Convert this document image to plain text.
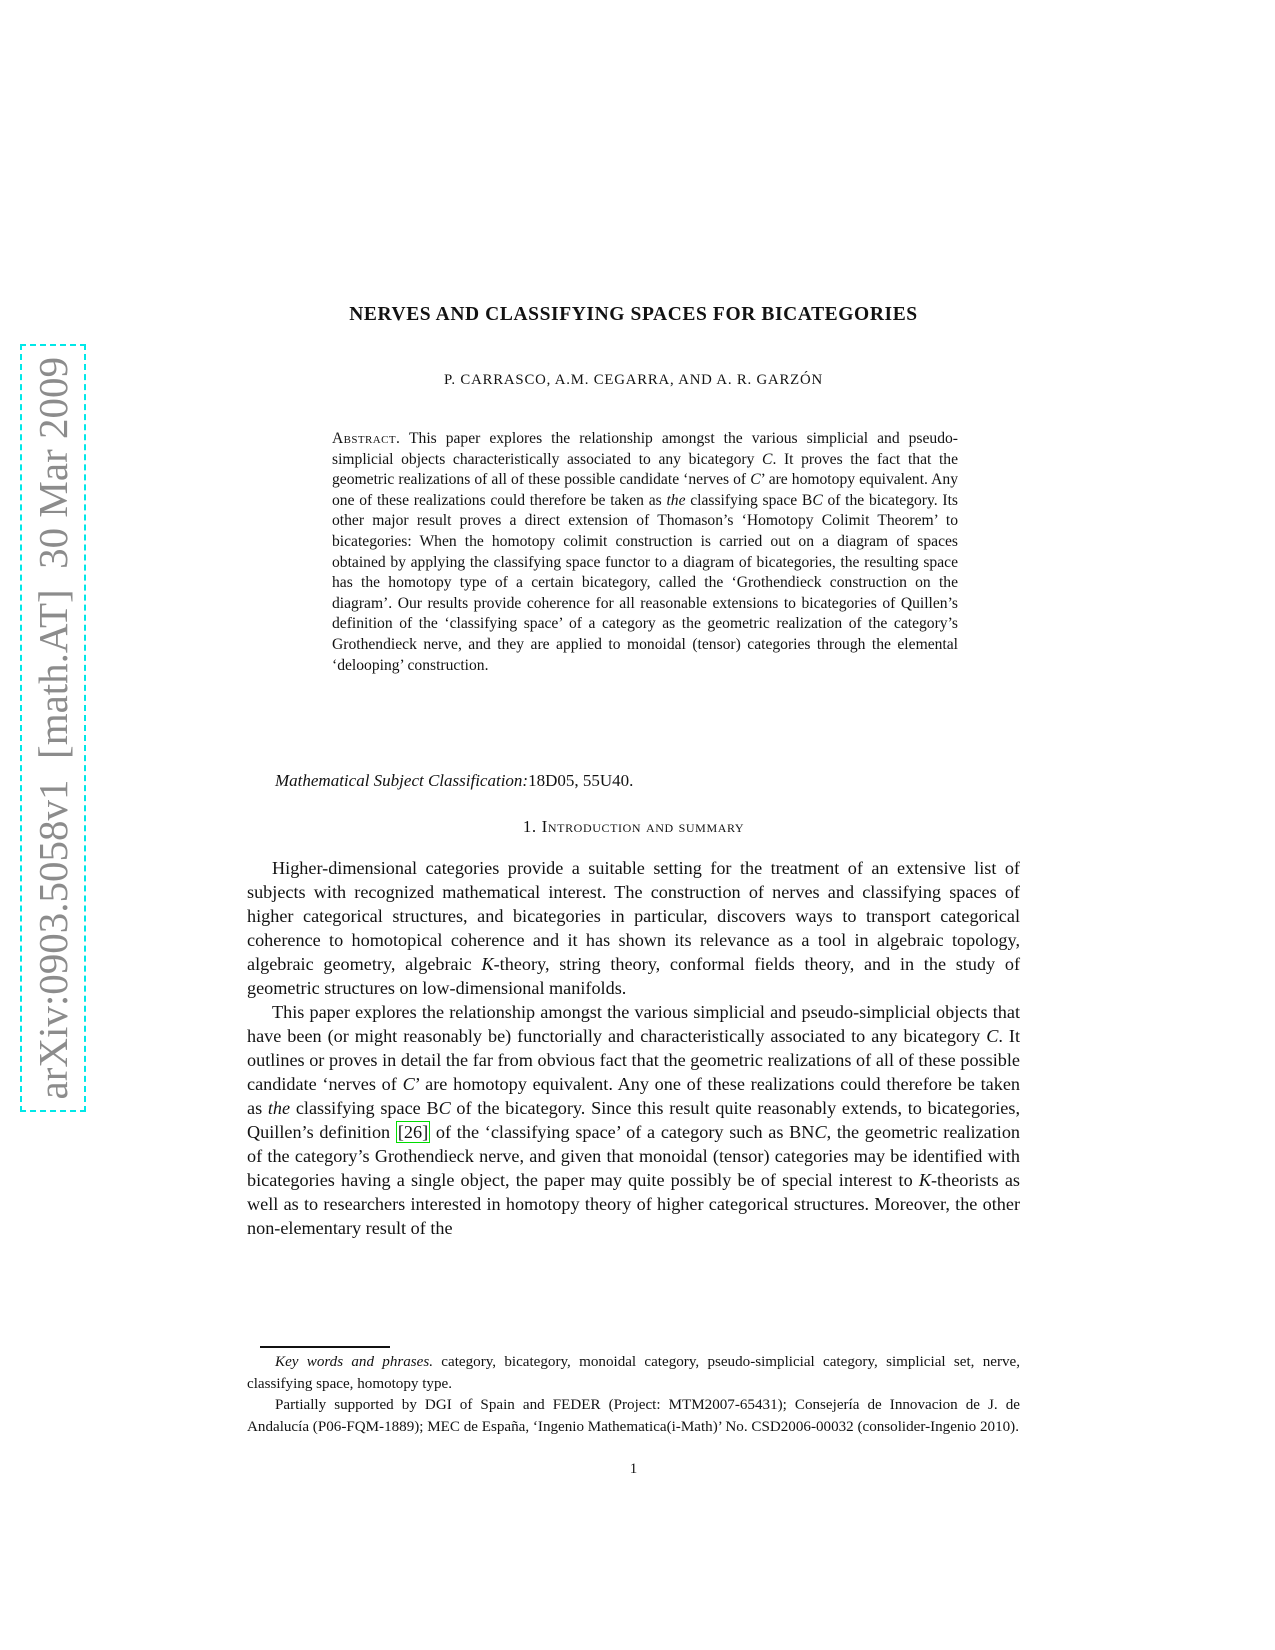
arXiv:0903.5058v1  [math.AT]  30 Mar 2009
NERVES AND CLASSIFYING SPACES FOR BICATEGORIES
P. CARRASCO, A.M. CEGARRA, AND A. R. GARZÓN
Abstract. This paper explores the relationship amongst the various simplicial and pseudo-simplicial objects characteristically associated to any bicategory C. It proves the fact that the geometric realizations of all of these possible candidate ‘nerves of C’ are homotopy equivalent. Any one of these realizations could therefore be taken as the classifying space BC of the bicategory. Its other major result proves a direct extension of Thomason’s ‘Homotopy Colimit Theorem’ to bicategories: When the homotopy colimit construction is carried out on a diagram of spaces obtained by applying the classifying space functor to a diagram of bicategories, the resulting space has the homotopy type of a certain bicategory, called the ‘Grothendieck construction on the diagram’. Our results provide coherence for all reasonable extensions to bicategories of Quillen’s definition of the ‘classifying space’ of a category as the geometric realization of the category’s Grothendieck nerve, and they are applied to monoidal (tensor) categories through the elemental ‘delooping’ construction.
Mathematical Subject Classification:18D05, 55U40.
1. Introduction and summary

Higher-dimensional categories provide a suitable setting for the treatment of an extensive list of subjects with recognized mathematical interest. The construction of nerves and classifying spaces of higher categorical structures, and bicategories in particular, discovers ways to transport categorical coherence to homotopical coherence and it has shown its relevance as a tool in algebraic topology, algebraic geometry, algebraic K-theory, string theory, conformal fields theory, and in the study of geometric structures on low-dimensional manifolds.

This paper explores the relationship amongst the various simplicial and pseudo-simplicial objects that have been (or might reasonably be) functorially and characteristically associated to any bicategory C. It outlines or proves in detail the far from obvious fact that the geometric realizations of all of these possible candidate ‘nerves of C’ are homotopy equivalent. Any one of these realizations could therefore be taken as the classifying space BC of the bicategory. Since this result quite reasonably extends, to bicategories, Quillen’s definition [26] of the ‘classifying space’ of a category such as BNC, the geometric realization of the category’s Grothendieck nerve, and given that monoidal (tensor) categories may be identified with bicategories having a single object, the paper may quite possibly be of special interest to K-theorists as well as to researchers interested in homotopy theory of higher categorical structures. Moreover, the other non-elementary result of the

Key words and phrases. category, bicategory, monoidal category, pseudo-simplicial category, simplicial set, nerve, classifying space, homotopy type.

Partially supported by DGI of Spain and FEDER (Project: MTM2007-65431); Consejería de Innovacion de J. de Andalucía (P06-FQM-1889); MEC de España, ‘Ingenio Mathematica(i-Math)’ No. CSD2006-00032 (consolider-Ingenio 2010).

1
